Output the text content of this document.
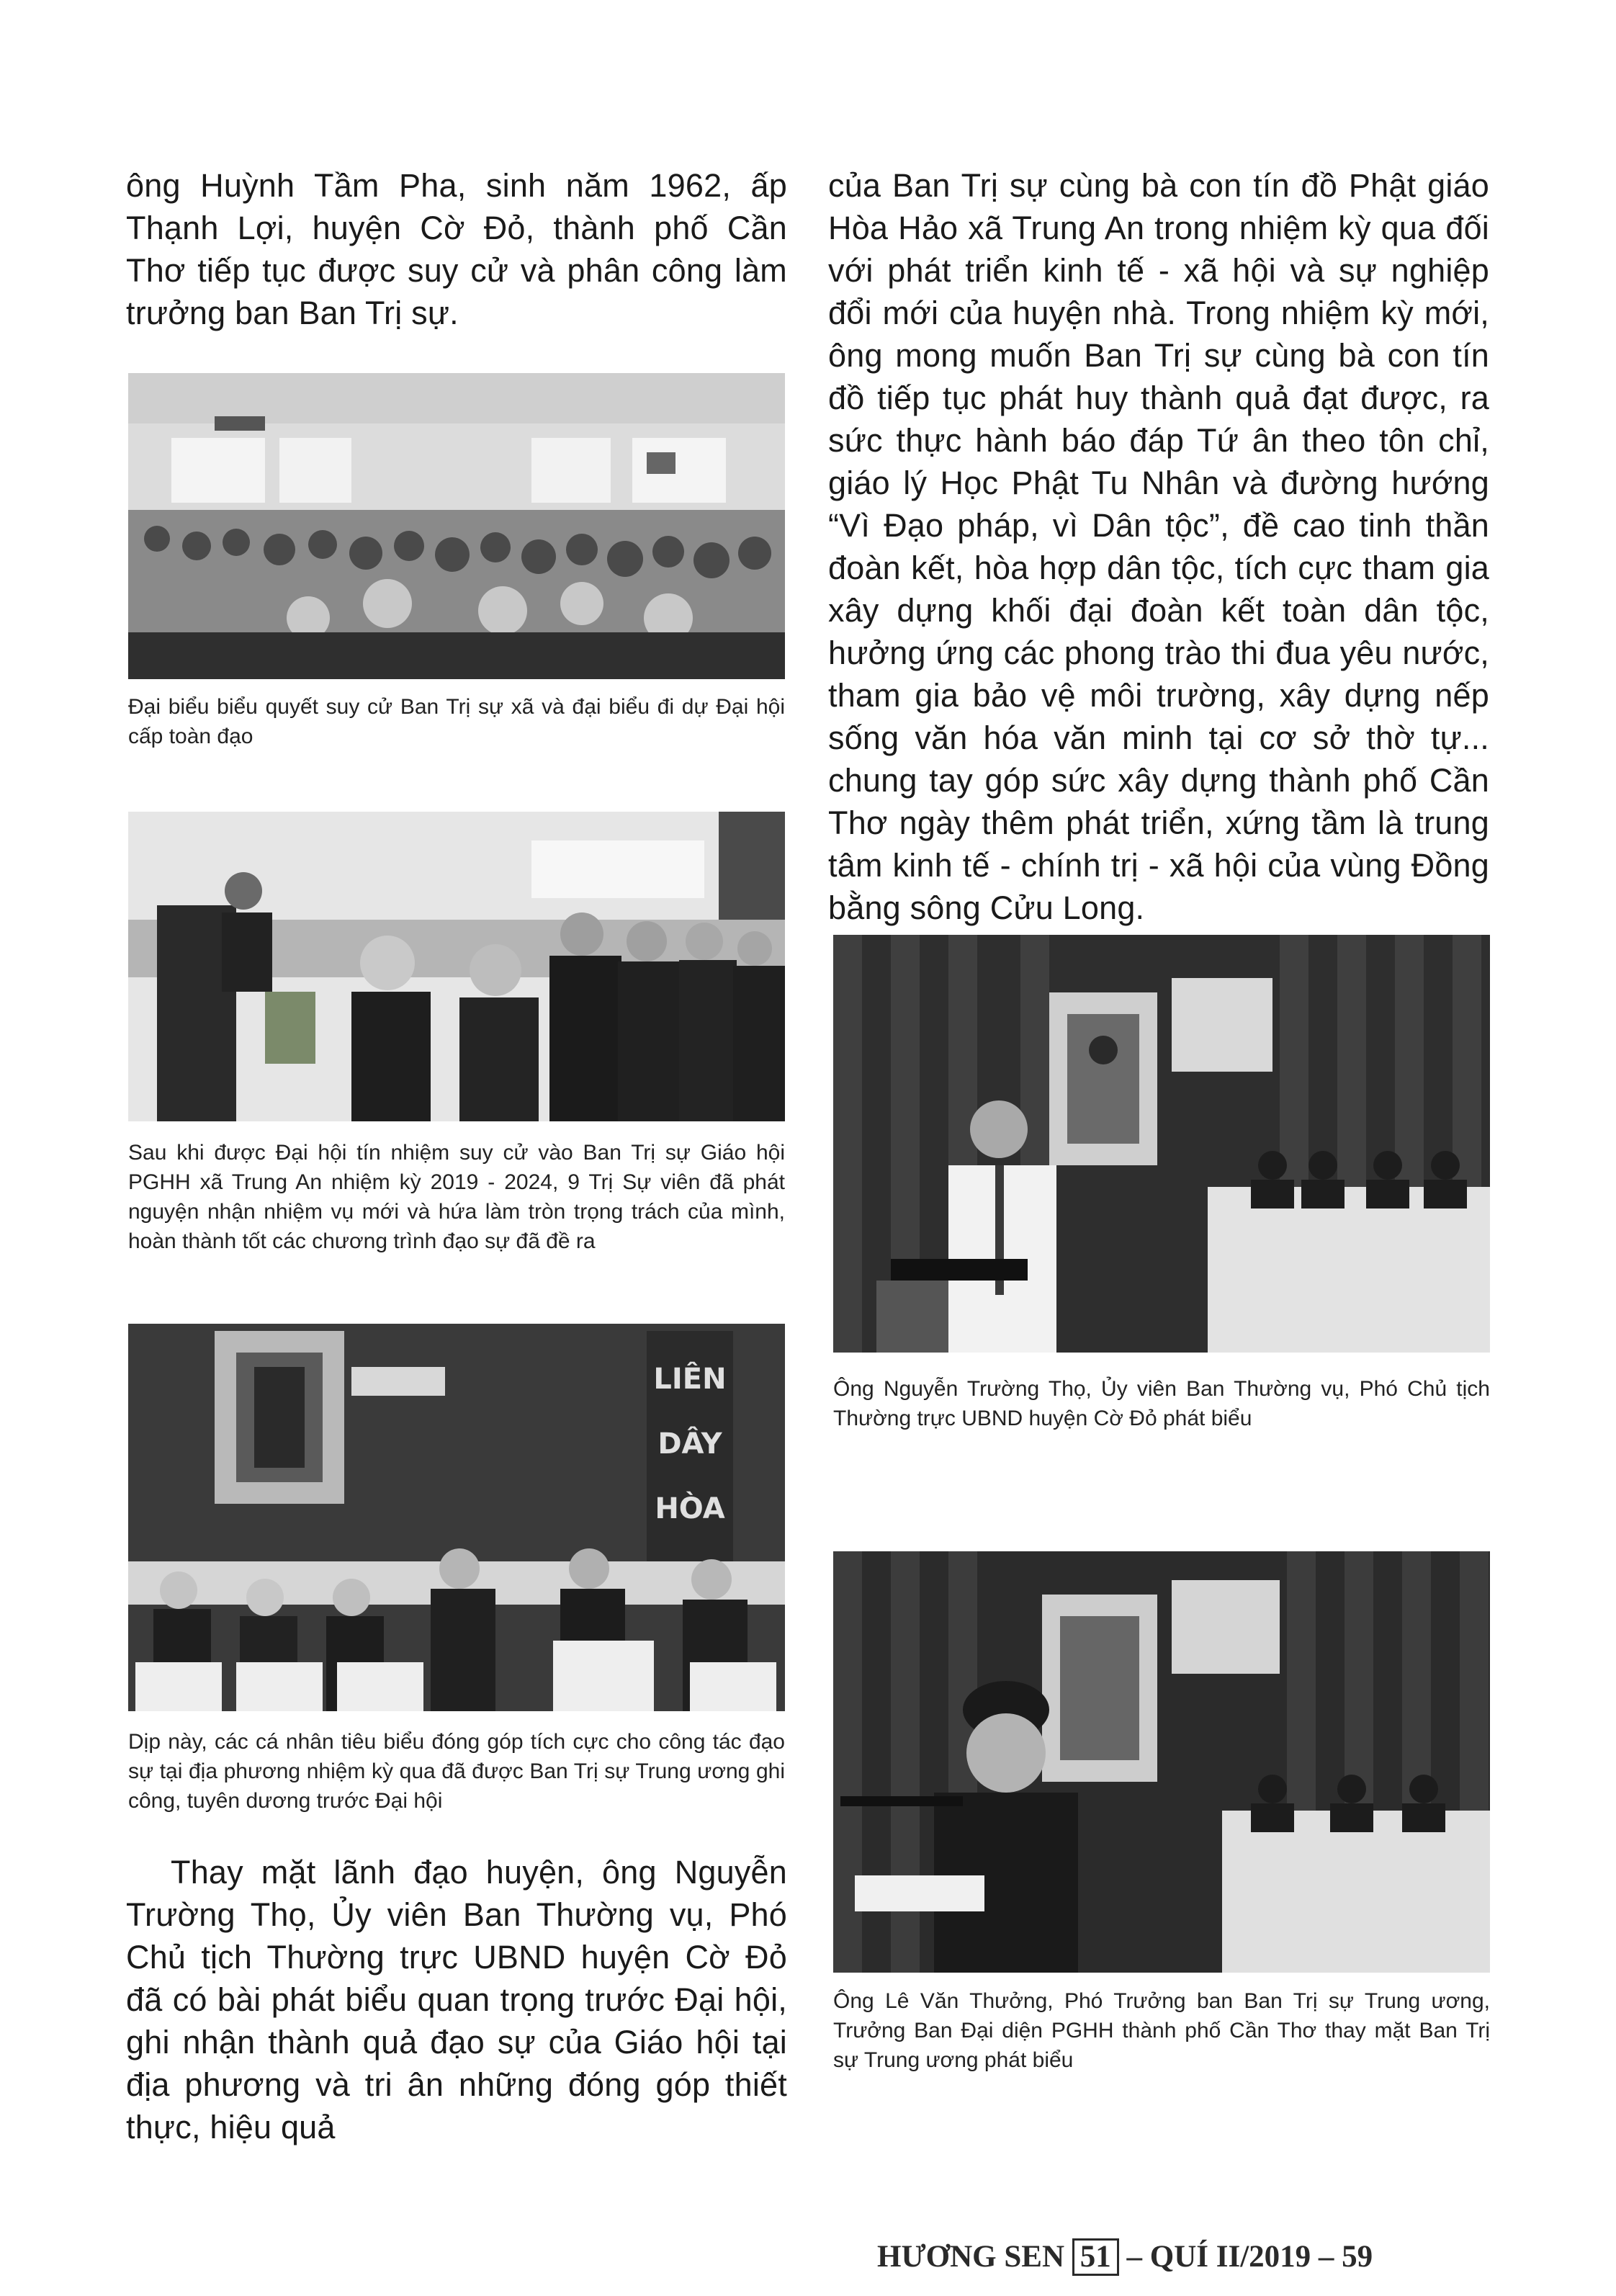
ông Huỳnh Tầm Pha, sinh năm 1962, ấp Thạnh Lợi, huyện Cờ Đỏ, thành phố Cần Thơ tiếp tục được suy cử và phân công làm trưởng ban Ban Trị sự.

Đại biểu biểu quyết suy cử Ban Trị sự xã và đại biểu đi dự Đại hội cấp toàn đạo
Sau khi được Đại hội tín nhiệm suy cử vào Ban Trị sự Giáo hội PGHH xã Trung An nhiệm kỳ 2019 - 2024, 9 Trị Sự viên đã phát nguyện nhận nhiệm vụ mới và hứa làm tròn trọng trách của mình, hoàn thành tốt các chương trình đạo sự đã đề ra
LIÊN
DÂY
HÒA
Dịp này, các cá nhân tiêu biểu đóng góp tích cực cho công tác đạo sự tại địa phương nhiệm kỳ qua đã được Ban Trị sự Trung ương ghi công, tuyên dương trước Đại hội

Thay mặt lãnh đạo huyện, ông Nguyễn Trường Thọ, Ủy viên Ban Thường vụ, Phó Chủ tịch Thường trực UBND huyện Cờ Đỏ đã có bài phát biểu quan trọng trước Đại hội, ghi nhận thành quả đạo sự của Giáo hội tại địa phương và tri ân những đóng góp thiết thực, hiệu quả

của Ban Trị sự cùng bà con tín đồ Phật giáo Hòa Hảo xã Trung An trong nhiệm kỳ qua đối với phát triển kinh tế - xã hội và sự nghiệp đổi mới của huyện nhà. Trong nhiệm kỳ mới, ông mong muốn Ban Trị sự cùng bà con tín đồ tiếp tục phát huy thành quả đạt được, ra sức thực hành báo đáp Tứ ân theo tôn chỉ, giáo lý Học Phật Tu Nhân và đường hướng “Vì Đạo pháp, vì Dân tộc”, đề cao tinh thần đoàn kết, hòa hợp dân tộc, tích cực tham gia xây dựng khối đại đoàn kết toàn dân tộc, hưởng ứng các phong trào thi đua yêu nước, tham gia bảo vệ môi trường, xây dựng nếp sống văn hóa văn minh tại cơ sở thờ tự... chung tay góp sức xây dựng thành phố Cần Thơ ngày thêm phát triển, xứng tầm là trung tâm kinh tế - chính trị - xã hội của vùng Đồng bằng sông Cửu Long.

Ông Nguyễn Trường Thọ, Ủy viên Ban Thường vụ, Phó Chủ tịch Thường trực UBND huyện Cờ Đỏ phát biểu
Ông Lê Văn Thưởng, Phó Trưởng ban Ban Trị sự Trung ương, Trưởng Ban Đại diện PGHH thành phố Cần Thơ thay mặt Ban Trị sự Trung ương phát biểu
HƯƠNG SEN 51 – QUÍ II/2019 – 59
